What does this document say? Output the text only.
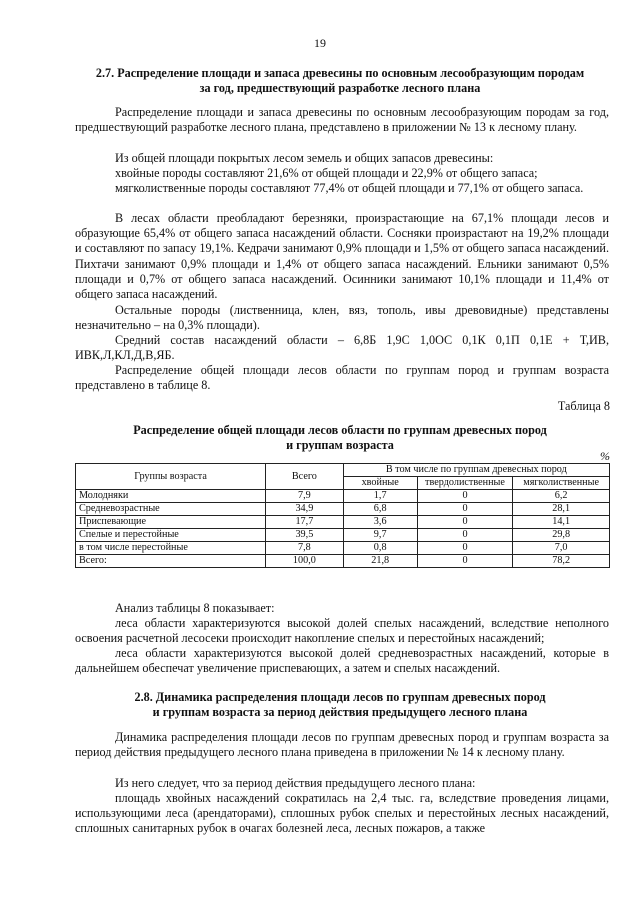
19
2.7. Распределение площади и запаса древесины по основным лесообразующим породам
за год, предшествующий разработке лесного плана

Распределение площади и запаса древесины по основным лесообразующим породам за год, предшествующий разработке лесного плана, представлено в приложении № 13 к лесному плану.

Из общей площади покрытых лесом земель и общих запасов древесины:

хвойные породы составляют 21,6% от общей площади и 22,9% от общего запаса;

мягколиственные породы составляют 77,4% от общей площади и 77,1% от общего запаса.

В лесах области преобладают березняки, произрастающие на 67,1% площади лесов и образующие 65,4% от общего запаса насаждений области. Сосняки произрастают на 19,2% площади и составляют по запасу 19,1%. Кедрачи занимают 0,9% площади и 1,5% от общего запаса насаждений. Пихтачи занимают 0,9% площади и 1,4% от общего запаса насаждений. Ельники занимают 0,5% площади и 0,7% от общего запаса насаждений. Осинники занимают 10,1% площади и 11,4% от общего запаса насаждений.

Остальные породы (лиственница, клен, вяз, тополь, ивы древовидные) представлены незначительно – на 0,3% площади).

Средний состав насаждений области – 6,8Б 1,9С 1,0ОС 0,1К 0,1П 0,1Е + Т,ИВ, ИВК,Л,КЛ,Д,В,ЯБ.

Распределение общей площади лесов области по группам пород и группам возраста представлено в таблице 8.

Таблица 8
Распределение общей площади лесов области по группам древесных пород
и группам возраста
%
Группы возраста	Всего	В том числе по группам древесных пород		
		хвойные	твердолиственные	мягколиственные
Молодняки	7,9	1,7	0	6,2
Средневозрастные	34,9	6,8	0	28,1
Приспевающие	17,7	3,6	0	14,1
Спелые и перестойные	39,5	9,7	0	29,8
в том числе перестойные	7,8	0,8	0	7,0
Всего:	100,0	21,8	0	78,2

Анализ таблицы 8 показывает:

леса области характеризуются высокой долей спелых насаждений, вследствие неполного освоения расчетной лесосеки происходит накопление спелых и перестойных насаждений;

леса области характеризуются высокой долей средневозрастных насаждений, которые в дальнейшем обеспечат увеличение приспевающих, а затем и спелых насаждений.

2.8. Динамика распределения площади лесов по группам древесных пород
и группам возраста за период действия предыдущего лесного плана

Динамика распределения площади лесов по группам древесных пород и группам возраста за период действия предыдущего лесного плана приведена в приложении № 14 к лесному плану.

Из него следует, что за период действия предыдущего лесного плана:

площадь хвойных насаждений сократилась на 2,4 тыс. га, вследствие проведения лицами, использующими леса (арендаторами), сплошных рубок спелых и перестойных лесных насаждений, сплошных санитарных рубок в очагах болезней леса, лесных пожаров, а также
